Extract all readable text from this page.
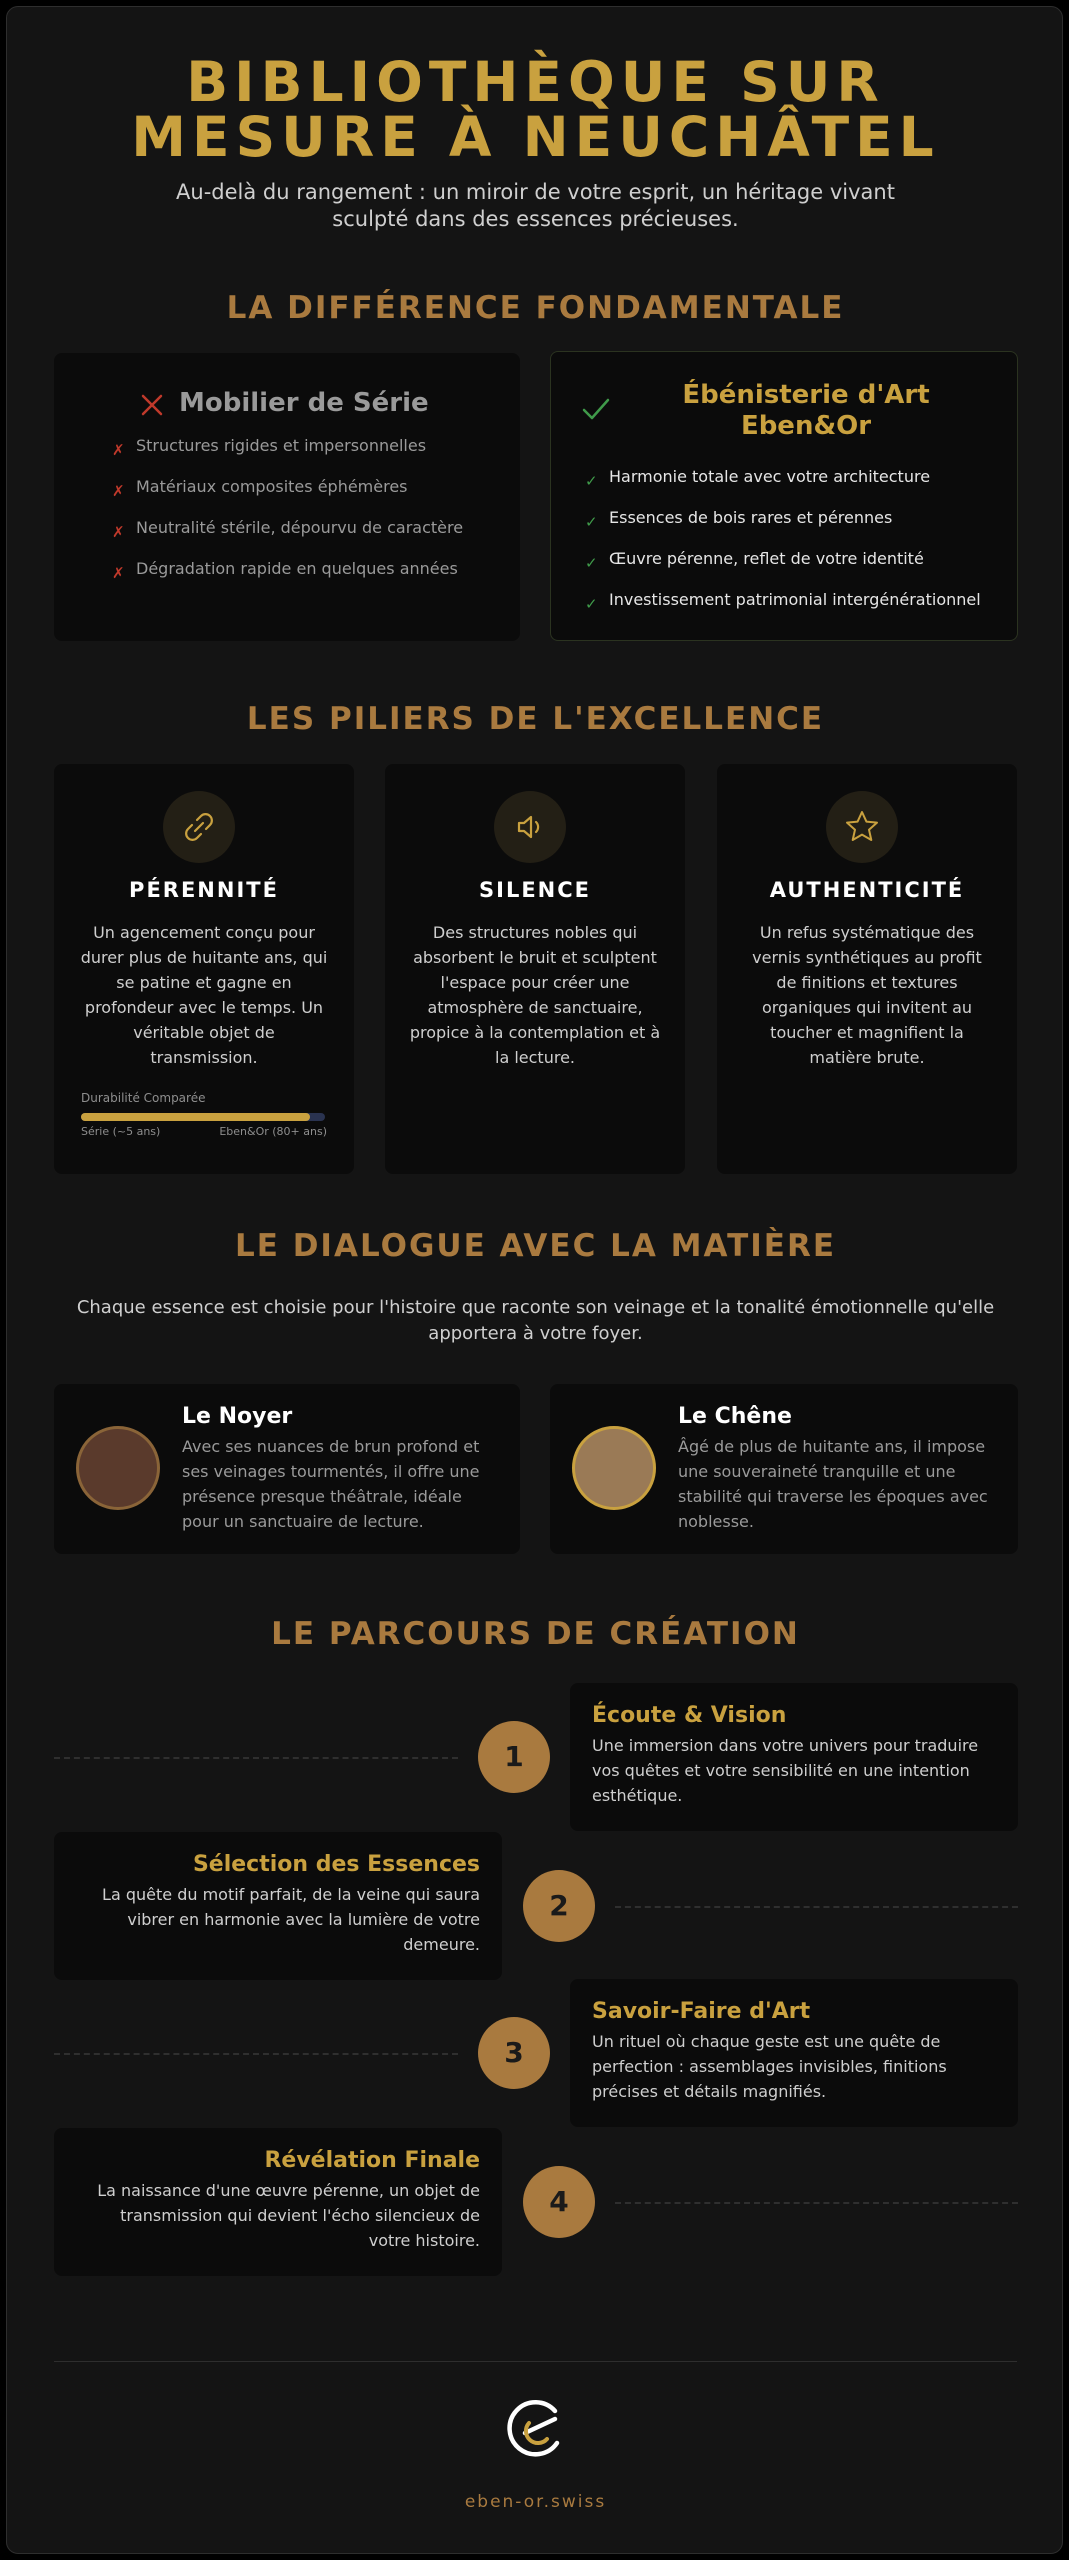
BIBLIOTHÈQUE SUR
MESURE À NEUCHÂTEL

Au-delà du rangement : un miroir de votre esprit, un héritage vivant sculpté dans des essences précieuses.

LA DIFFÉRENCE FONDAMENTALE
Mobilier de Série
✗ Structures rigides et impersonnelles
✗ Matériaux composites éphémères
✗ Neutralité stérile, dépourvu de caractère
✗ Dégradation rapide en quelques années
Ébénisterie d'Art Eben&Or
✓ Harmonie totale avec votre architecture
✓ Essences de bois rares et pérennes
✓ Œuvre pérenne, reflet de votre identité
✓ Investissement patrimonial intergénérationnel
LES PILIERS DE L'EXCELLENCE
PÉRENNITÉ

Un agencement conçu pour durer plus de huitante ans, qui se patine et gagne en profondeur avec le temps. Un véritable objet de transmission.

Durabilité Comparée
Série (~5 ans)	Eben&Or (80+ ans)
SILENCE

Des structures nobles qui absorbent le bruit et sculptent l'espace pour créer une atmosphère de sanctuaire, propice à la contemplation et à la lecture.

AUTHENTICITÉ

Un refus systématique des vernis synthétiques au profit de finitions et textures organiques qui invitent au toucher et magnifient la matière brute.

LE DIALOGUE AVEC LA MATIÈRE

Chaque essence est choisie pour l'histoire que raconte son veinage et la tonalité émotionnelle qu'elle apportera à votre foyer.

Le Noyer

Avec ses nuances de brun profond et ses veinages tourmentés, il offre une présence presque théâtrale, idéale pour un sanctuaire de lecture.

Le Chêne

Âgé de plus de huitante ans, il impose une souveraineté tranquille et une stabilité qui traverse les époques avec noblesse.

LE PARCOURS DE CRÉATION
1
Écoute & Vision

Une immersion dans votre univers pour traduire vos quêtes et votre sensibilité en une intention esthétique.

Sélection des Essences

La quête du motif parfait, de la veine qui saura vibrer en harmonie avec la lumière de votre demeure.

2
3
Savoir-Faire d'Art

Un rituel où chaque geste est une quête de perfection : assemblages invisibles, finitions précises et détails magnifiés.

Révélation Finale

La naissance d'une œuvre pérenne, un objet de transmission qui devient l'écho silencieux de votre histoire.

4
eben-or.swiss
